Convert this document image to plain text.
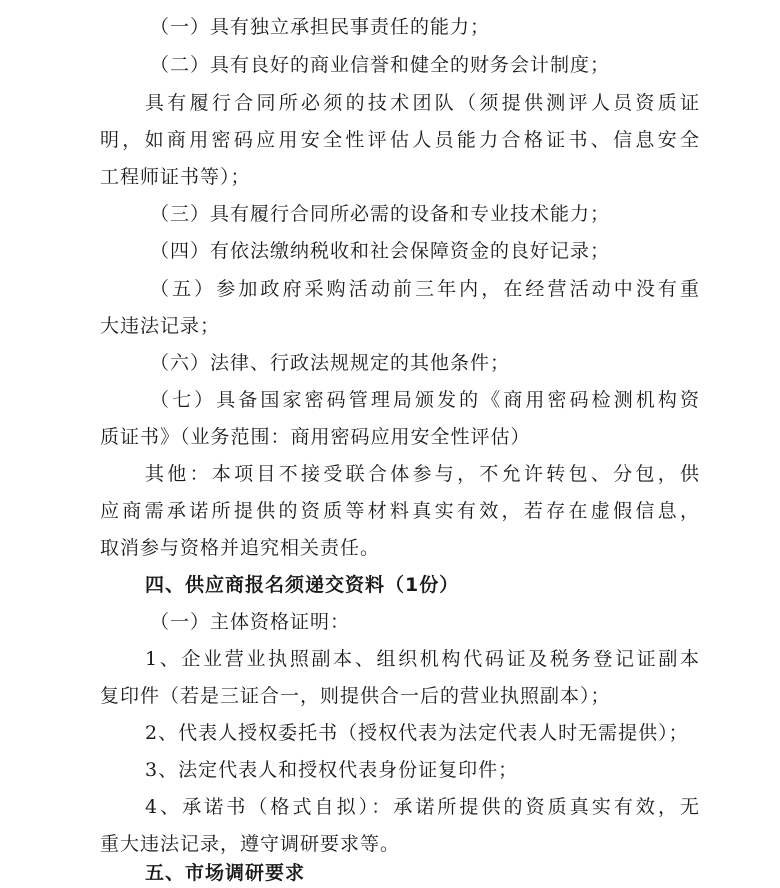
（一）具有独立承担民事责任的能力；
（二）具有良好的商业信誉和健全的财务会计制度；
具有履行合同所必须的技术团队（须提供测评人员资质证
明，如商用密码应用安全性评估人员能力合格证书、信息安全
工程师证书等）；
（三）具有履行合同所必需的设备和专业技术能力；
（四）有依法缴纳税收和社会保障资金的良好记录；
（五）参加政府采购活动前三年内，在经营活动中没有重
大违法记录；
（六）法律、行政法规规定的其他条件；
（七）具备国家密码管理局颁发的《商用密码检测机构资
质证书》（业务范围：商用密码应用安全性评估）
其他：本项目不接受联合体参与，不允许转包、分包，供
应商需承诺所提供的资质等材料真实有效，若存在虚假信息，
取消参与资格并追究相关责任。
四、供应商报名须递交资料（1份）
（一）主体资格证明：
1、企业营业执照副本、组织机构代码证及税务登记证副本
复印件（若是三证合一，则提供合一后的营业执照副本）；
2、代表人授权委托书（授权代表为法定代表人时无需提供）；
3、法定代表人和授权代表身份证复印件；
4、承诺书（格式自拟）：承诺所提供的资质真实有效，无
重大违法记录，遵守调研要求等。
五、市场调研要求
